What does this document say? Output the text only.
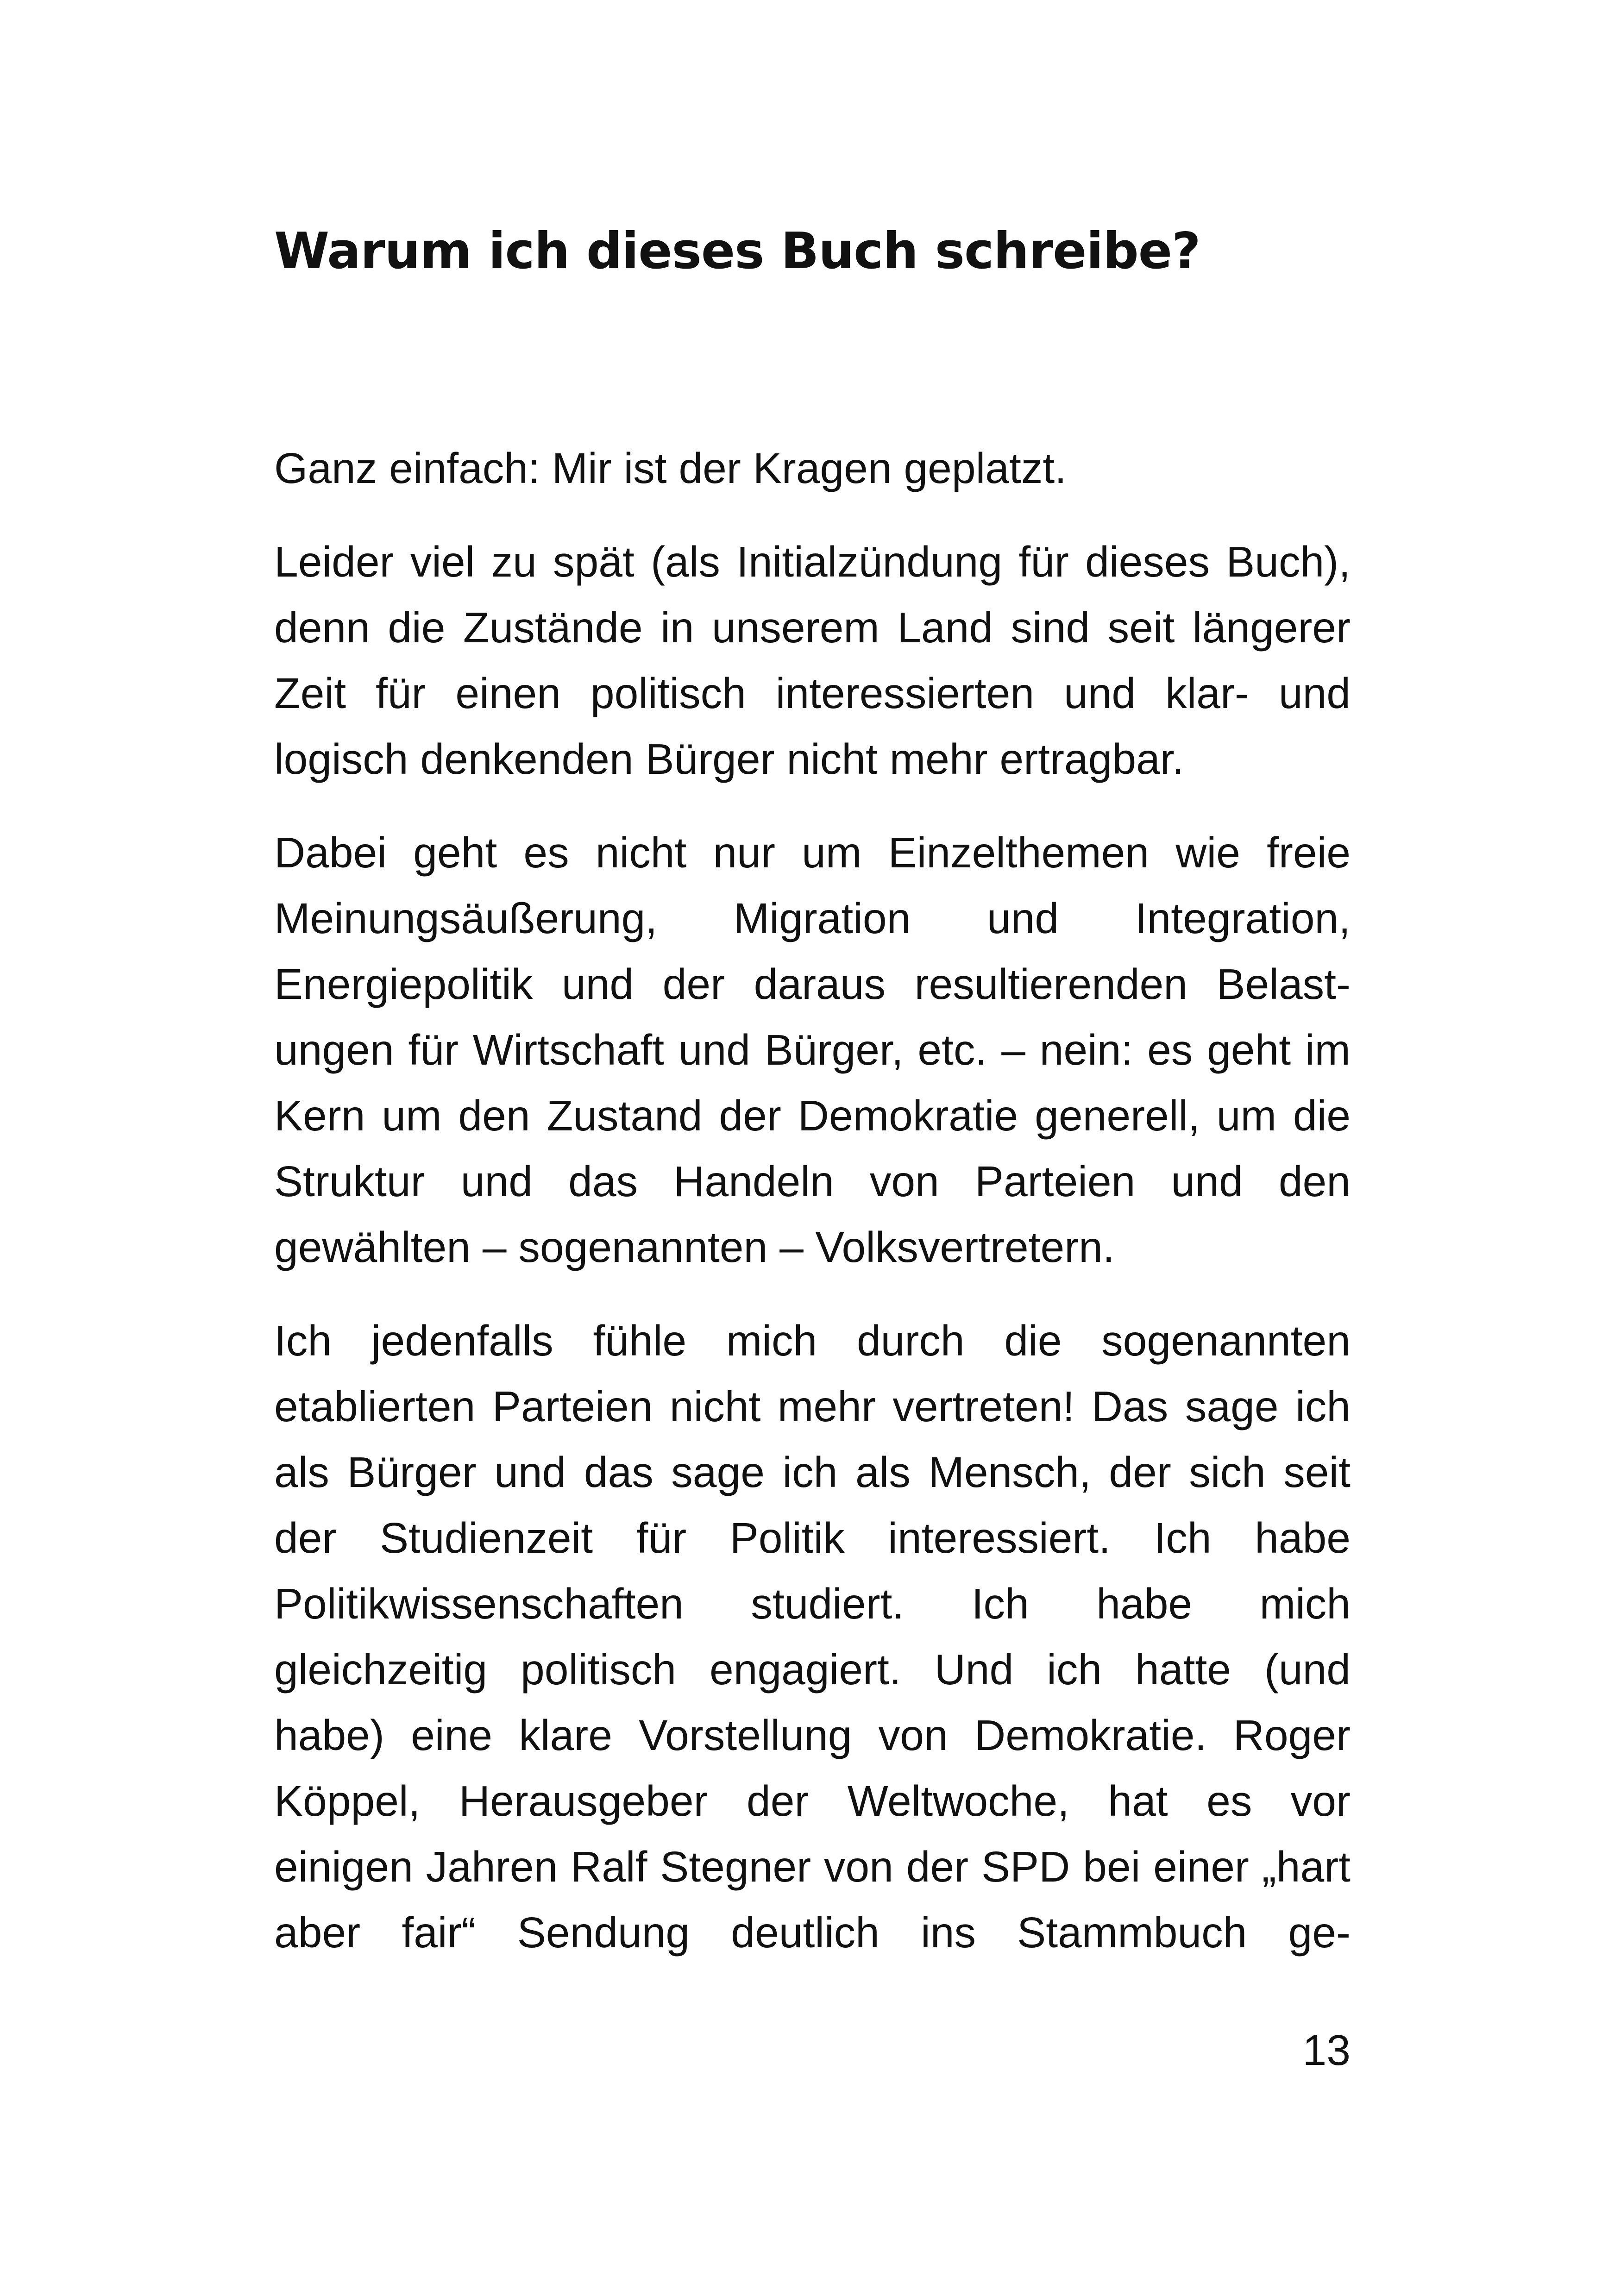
Warum ich dieses Buch schreibe?

Ganz einfach: Mir ist der Kragen geplatzt.

Leider viel zu spät (als Initialzündung für dieses Buch),
denn die Zustände in unserem Land sind seit längerer
Zeit für einen politisch interessierten und klar- und
logisch denkenden Bürger nicht mehr ertragbar.

Dabei geht es nicht nur um Einzelthemen wie freie
Meinungsäußerung, Migration und Integration,
Energiepolitik und der daraus resultierenden Belast-
ungen für Wirtschaft und Bürger, etc. – nein: es geht im
Kern um den Zustand der Demokratie generell, um die
Struktur und das Handeln von Parteien und den
gewählten – sogenannten – Volksvertretern.

Ich jedenfalls fühle mich durch die sogenannten
etablierten Parteien nicht mehr vertreten! Das sage ich
als Bürger und das sage ich als Mensch, der sich seit
der Studienzeit für Politik interessiert. Ich habe
Politikwissenschaften studiert. Ich habe mich
gleichzeitig politisch engagiert. Und ich hatte (und
habe) eine klare Vorstellung von Demokratie. Roger
Köppel, Herausgeber der Weltwoche, hat es vor
einigen Jahren Ralf Stegner von der SPD bei einer „hart
aber fair“ Sendung deutlich ins Stammbuch ge-

13
